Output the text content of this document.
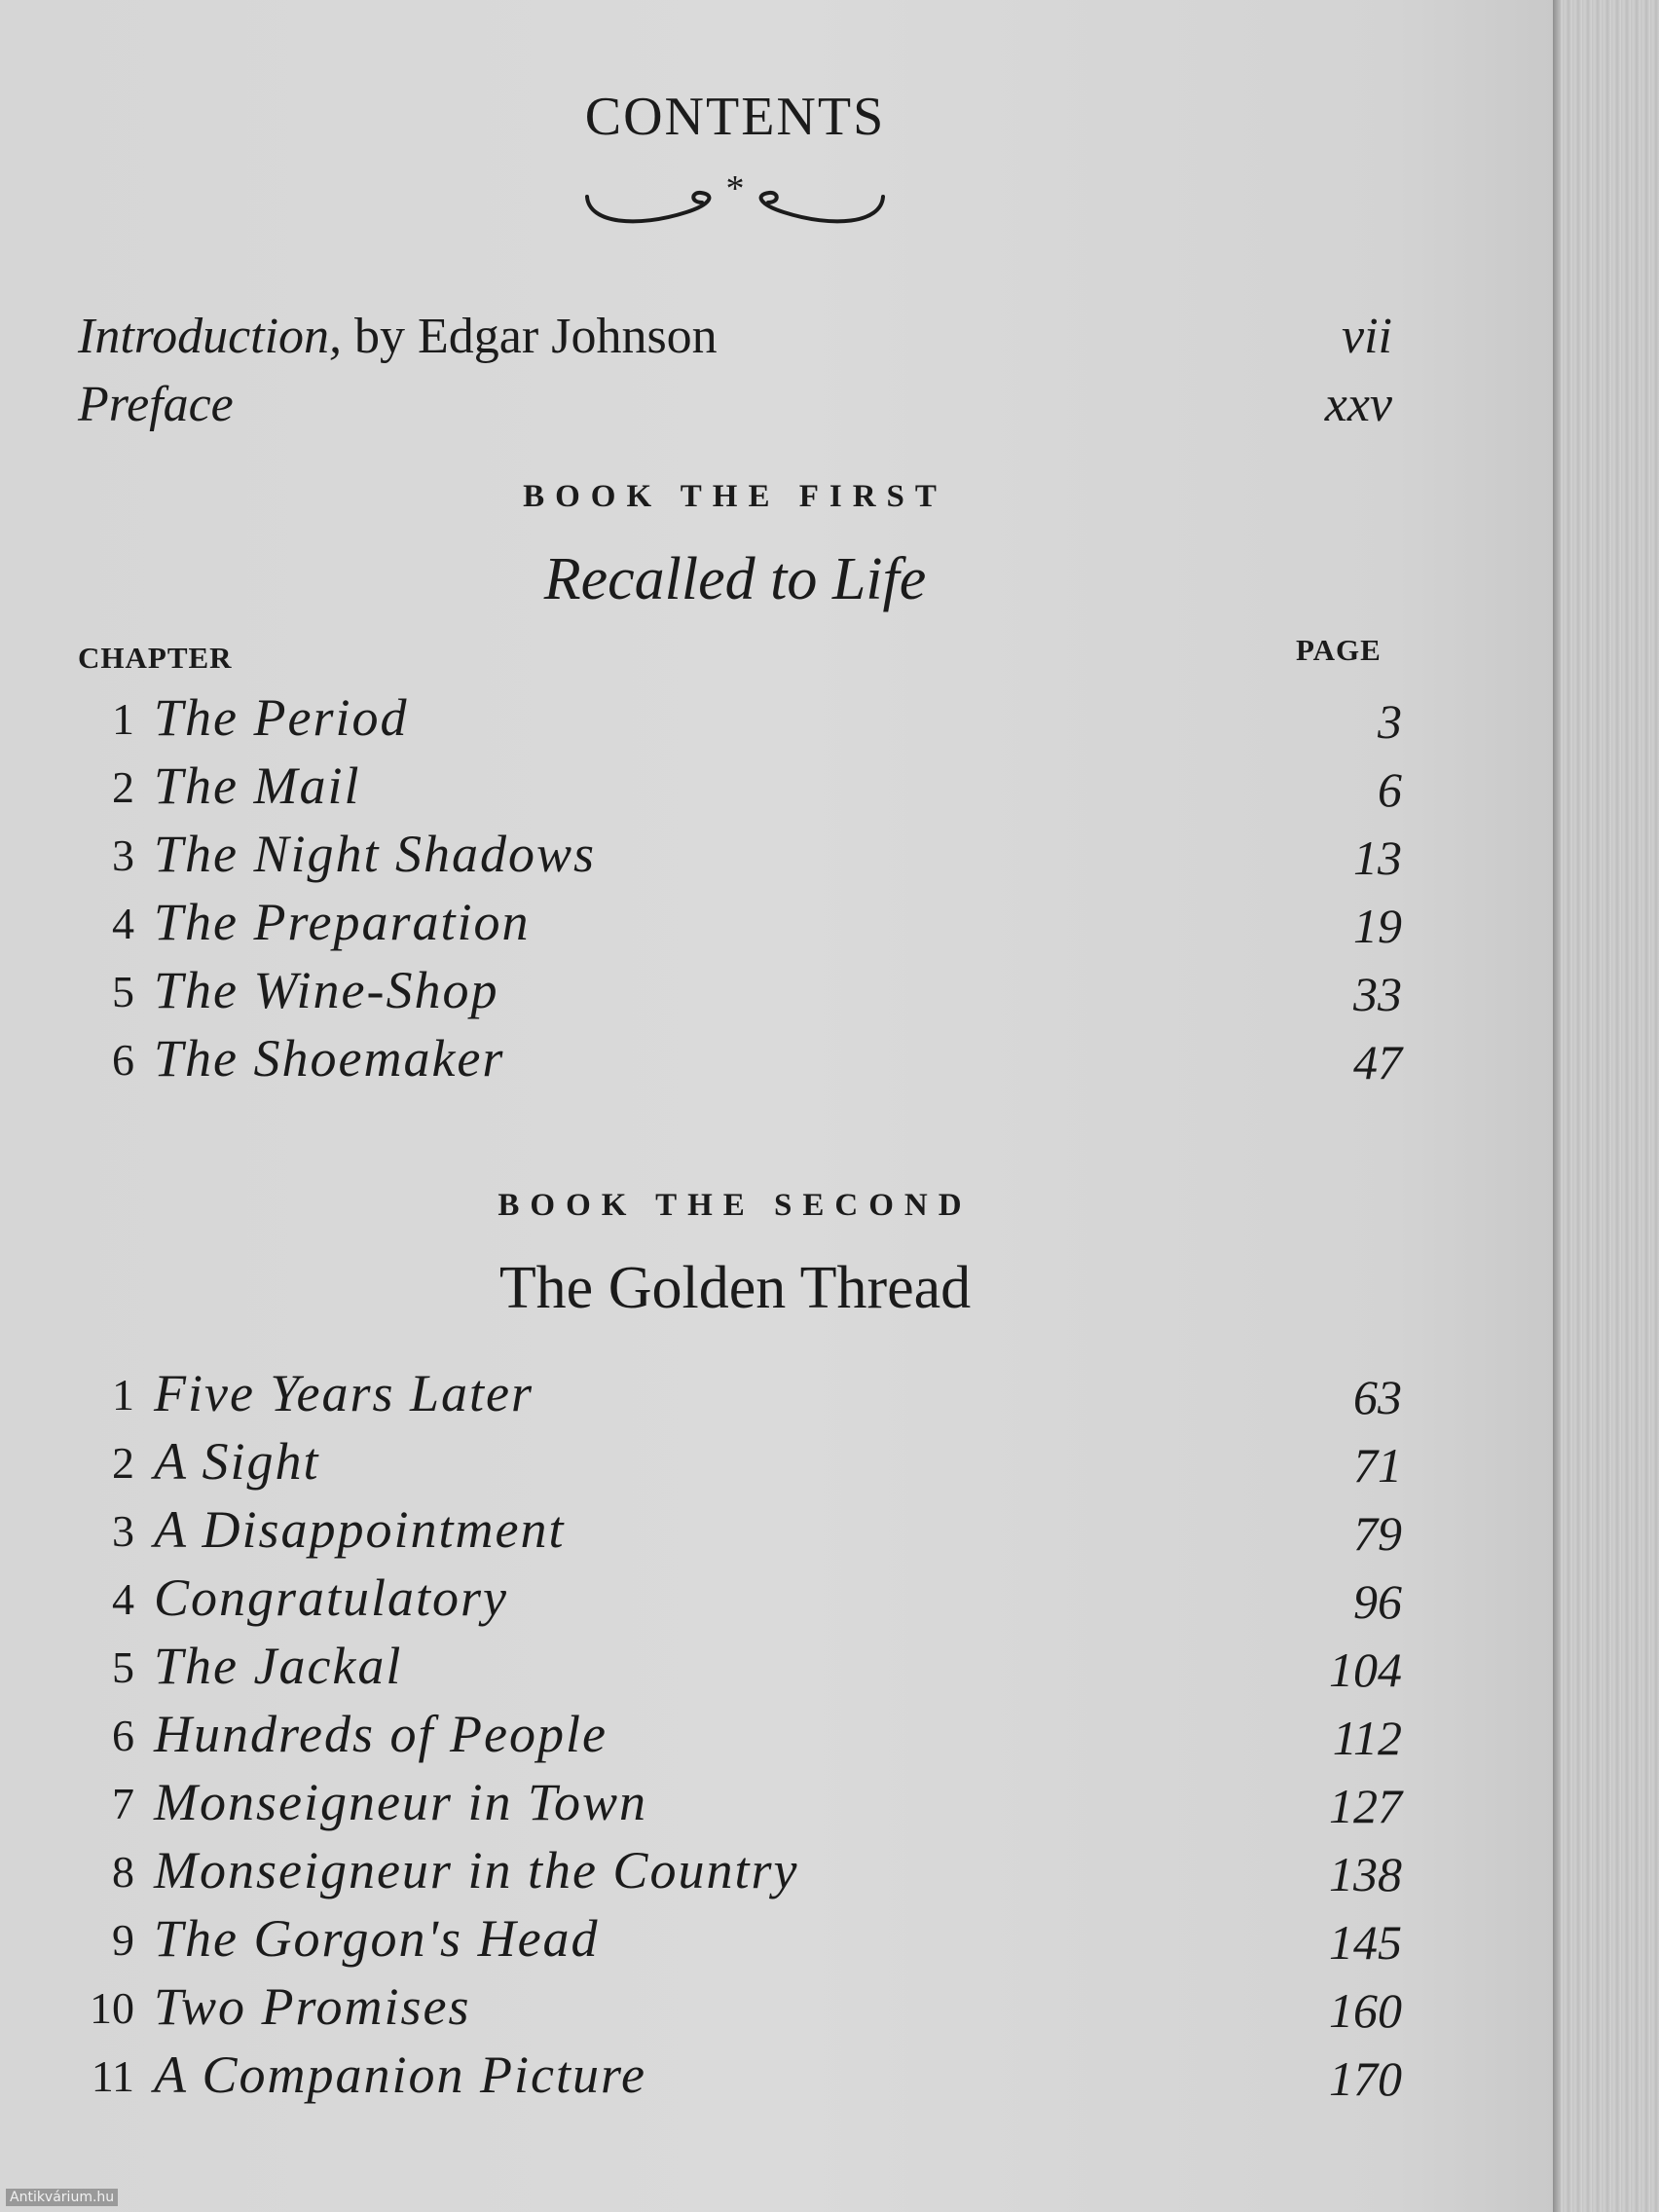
CONTENTS
*
Introduction, by Edgar Johnson	vii
Preface	xxv
BOOK THE FIRST
Recalled to Life
CHAPTER	PAGE
1 The Period	3
2 The Mail	6
3 The Night Shadows	13
4 The Preparation	19
5 The Wine-Shop	33
6 The Shoemaker	47
BOOK THE SECOND
The Golden Thread
1 Five Years Later	63
2 A Sight	71
3 A Disappointment	79
4 Congratulatory	96
5 The Jackal	104
6 Hundreds of People	112
7 Monseigneur in Town	127
8 Monseigneur in the Country	138
9 The Gorgon's Head	145
10 Two Promises	160
11 A Companion Picture	170
Antikvárium.hu
